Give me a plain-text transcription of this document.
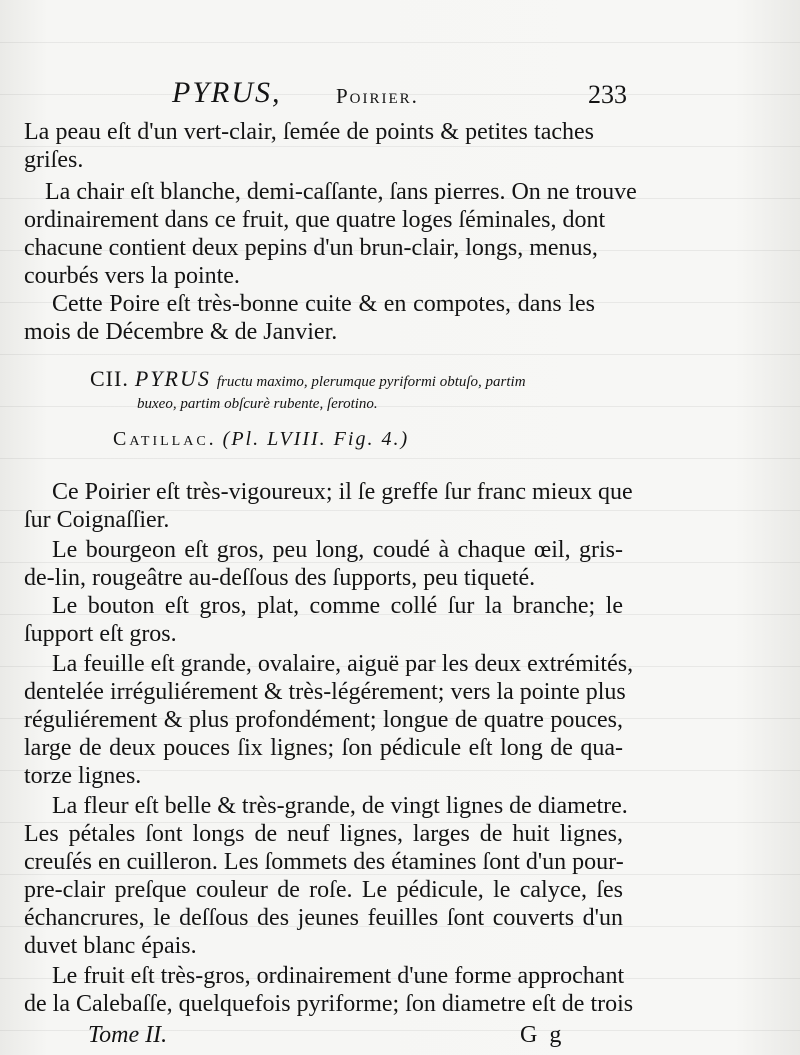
PYRUS,	Poirier.	233
La peau eſt d'un vert-clair, ſemée de points & petites taches
griſes.
La chair eſt blanche, demi-caſſante, ſans pierres. On ne trouve
ordinairement dans ce fruit, que quatre loges ſéminales, dont
chacune contient deux pepins d'un brun-clair, longs, menus,
courbés vers la pointe.
Cette Poire eſt très-bonne cuite & en compotes, dans les
mois de Décembre & de Janvier.
CII. PYRUS fructu maximo, plerumque pyriformi obtuſo, partim
buxeo, partim obſcurè rubente, ſerotino.
Catillac. (Pl. LVIII. Fig. 4.)
Ce Poirier eſt très-vigoureux; il ſe greffe ſur franc mieux que
ſur Coignaſſier.
Le bourgeon eſt gros, peu long, coudé à chaque œil, gris-
de-lin, rougeâtre au-deſſous des ſupports, peu tiqueté.
Le bouton eſt gros, plat, comme collé ſur la branche; le
ſupport eſt gros.
La feuille eſt grande, ovalaire, aiguë par les deux extrémités,
dentelée irréguliérement & très-légérement; vers la pointe plus
réguliérement & plus profondément; longue de quatre pouces,
large de deux pouces ſix lignes; ſon pédicule eſt long de qua-
torze lignes.
La fleur eſt belle & très-grande, de vingt lignes de diametre.
Les pétales ſont longs de neuf lignes, larges de huit lignes,
creuſés en cuilleron. Les ſommets des étamines ſont d'un pour-
pre-clair preſque couleur de roſe. Le pédicule, le calyce, ſes
échancrures, le deſſous des jeunes feuilles ſont couverts d'un
duvet blanc épais.
Le fruit eſt très-gros, ordinairement d'une forme approchant
de la Calebaſſe, quelquefois pyriforme; ſon diametre eſt de trois
Tome II.	G g
